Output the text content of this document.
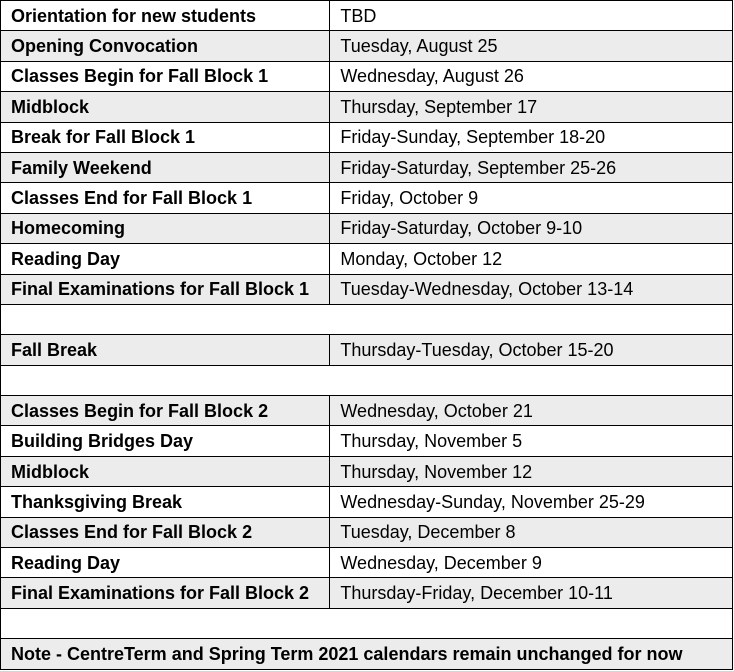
Orientation for new students	TBD
Opening Convocation	Tuesday, August 25
Classes Begin for Fall Block 1	Wednesday, August 26
Midblock	Thursday, September 17
Break for Fall Block 1	Friday-Sunday, September 18-20
Family Weekend	Friday-Saturday, September 25-26
Classes End for Fall Block 1	Friday, October 9
Homecoming	Friday-Saturday, October 9-10
Reading Day	Monday, October 12
Final Examinations for Fall Block 1	Tuesday-Wednesday, October 13-14

Fall Break	Thursday-Tuesday, October 15-20

Classes Begin for Fall Block 2	Wednesday, October 21
Building Bridges Day	Thursday, November 5
Midblock	Thursday, November 12
Thanksgiving Break	Wednesday-Sunday, November 25-29
Classes End for Fall Block 2	Tuesday, December 8
Reading Day	Wednesday, December 9
Final Examinations for Fall Block 2	Thursday-Friday, December 10-11

Note - CentreTerm and Spring Term 2021 calendars remain unchanged for now	
